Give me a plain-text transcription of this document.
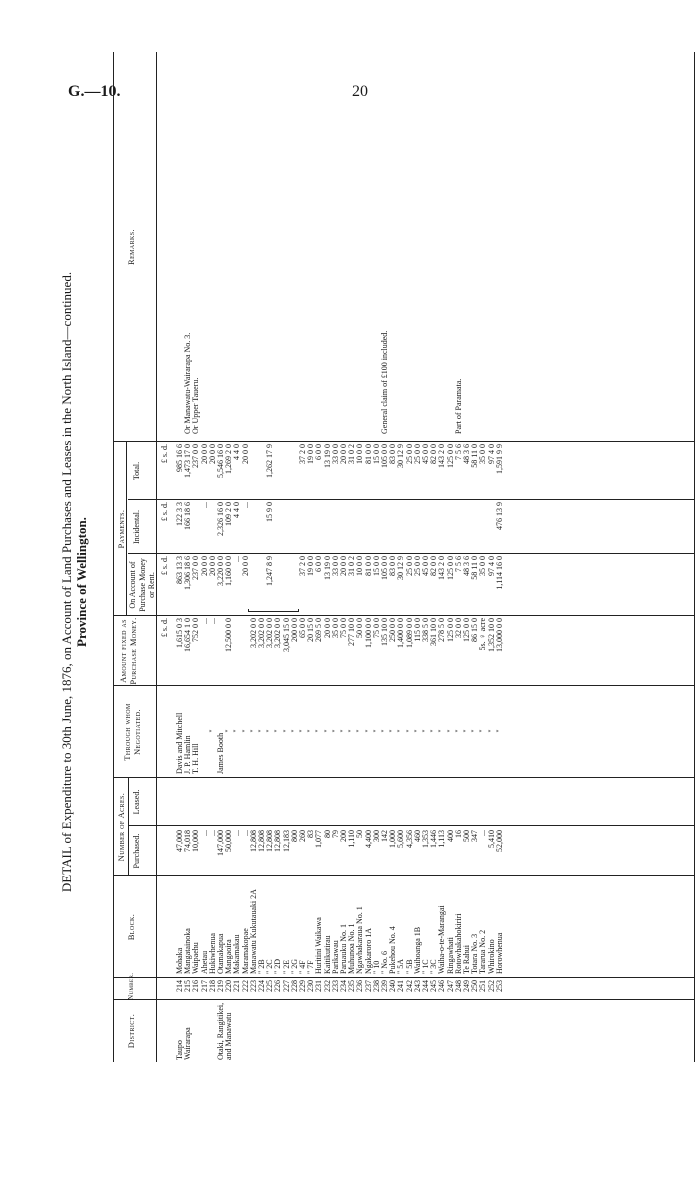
G.—10.	20
DETAIL of Expenditure to 30th June, 1876, on Account of Land Purchases and Leases in the North Island—continued. Province of Wellington.
District.
Number.
Block.
Number of Acres. Purchased.
Leased.
Through whom Negotiated.
Amount fixed as Purchase Money.
Payments.
On Account of Purchase Money or Rent.
Incidental.
Total.
Remarks.
£ s. d.
£ s. d.
£ s. d.
£ s. d.
214
Mohaka
47,000
Davis and Mitchell
1,615 0 3
863 13 3
122 3 3
985 16 6
215
Mangatainoka
74,018
J. P. Hamlin
16,654 1 0
1,306 18 6
166 18 6
1,473 17 0
Or Manawatu-Wairarapa No. 3.
216
Waipaehu
10,000
T. H. Hill
752 0 0
237 0 0
237 0 0
Or Upper Taueru.
217
Ahetau
...
...
20 0 0
...
20 0 0
218
Hukiwhenua
...
"
...
20 0 0
20 0 0
219
Otamakapua
147,000
James Booth
3,220 0 0
2,326 16 0
5,546 16 0
220
Mangaoira
50,000
"
12,500 0 0
1,160 0 0
109 2 0
1,269 2 0
221
Makamakau
...
"
...
4 4 0
4 4 0
222
Maramakopae
...
"
20 0 0
...
20 0 0
223
Manawatu Kukutauaki 2A
12,808
"
3,202 0 0
224
" 2B
12,808
"
3,202 0 0
225
" 2C
12,808
"
3,202 0 0
1,247 8 9
15 9 0
1,262 17 9
226
" 2D
12,808
"
3,202 0 0
227
" 2E
12,183
"
3,045 15 0
228
" 2G
800
"
200 0 0
229
" 4F
260
"
65 0 0
37 2 0
37 2 0
230
" 7F
83
"
20 15 0
19 0 0
19 0 0
231
Huritini Waikawa
1,077
"
269 5 0
6 0 0
6 0 0
232
Kaitikutirau
80
"
20 0 0
13 19 0
13 19 0
233
Parikawau
79
"
35 0 0
33 0 0
33 0 0
234
Paruauku No. 1
200
"
75 0 0
20 0 0
20 0 0
235
Muhunoa No. 1
1,110
"
277 10 0
31 0 2
31 0 2
236
Ngawhakaraua No. 1
50
"
50 0 0
10 0 0
10 0 0
237
Ngakaroro 1A
4,400
"
1,100 0 0
81 0 0
81 0 0
238
" 10
300
"
75 0 0
15 0 0
15 0 0
239
" No. 6
142
"
135 10 0
105 0 0
105 0 0
General claim of £100 included.
240
Pukehou No. 4
1,000
"
250 0 0
83 0 0
83 0 0
241
" 5A
5,600
"
1,400 0 0
30 12 9
30 12 9
242
" 5B
4,356
"
1,089 0 0
25 0 0
25 0 0
243
Waihoanga 1B
460
"
115 0 0
25 0 0
25 0 0
244
" 1C
1,353
"
338 5 0
45 0 0
45 0 0
245
" 3C
1,446
"
361 10 0
82 0 0
82 0 0
246
Waiha-o-te-Marangai
1,113
"
278 5 0
143 2 0
143 2 0
247
Ringawhati
400
"
125 0 0
125 0 0
125 0 0
248
Rotowhakahokiriri
16
"
32 0 0
7 5 6
7 5 6
Part of Paramata.
249
Te Rahui
500
"
125 0 0
48 3 6
48 3 6
250
Totara No. 3
347
"
86 15 0
58 11 0
58 11 0
251
Tararua No. 2
...
"
5s. ♀ acre
35 0 0
35 0 0
252
Whirokino
5,410
"
1,352 10 0
97 4 0
97 4 0
253
Horowhenua
52,000
"
13,000 0 0
1,114 16 0
476 13 9
1,591 9 9
Taupo Wairarapa	Otaki, Rangitikei, and Manawatu
